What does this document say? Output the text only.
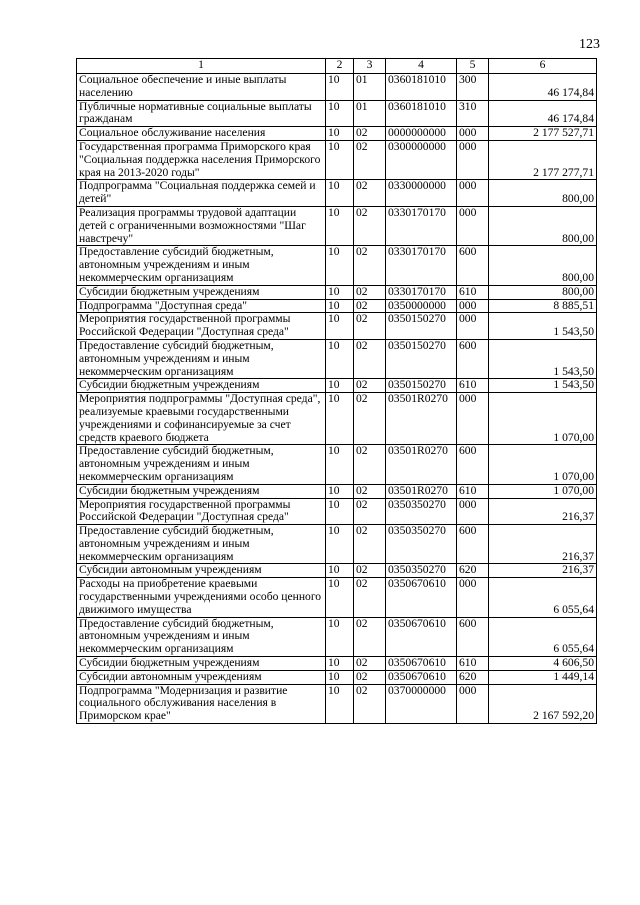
123
1	2	3	4	5	6
Социальное обеспечение и иные выплаты населению	10	01	0360181010	300	46 174,84
Публичные нормативные социальные выплаты гражданам	10	01	0360181010	310	46 174,84
Социальное обслуживание населения	10	02	0000000000	000	2 177 527,71
Государственная программа Приморского края "Социальная поддержка населения Приморского края на 2013-2020 годы"	10	02	0300000000	000	2 177 277,71
Подпрограмма "Социальная поддержка семей и детей"	10	02	0330000000	000	800,00
Реализация программы трудовой адаптации детей с ограниченными возможностями "Шаг навстречу"	10	02	0330170170	000	800,00
Предоставление субсидий бюджетным, автономным учреждениям и иным некоммерческим организациям	10	02	0330170170	600	800,00
Субсидии бюджетным учреждениям	10	02	0330170170	610	800,00
Подпрограмма "Доступная среда"	10	02	0350000000	000	8 885,51
Мероприятия государственной программы Российской Федерации "Доступная среда"	10	02	0350150270	000	1 543,50
Предоставление субсидий бюджетным, автономным учреждениям и иным некоммерческим организациям	10	02	0350150270	600	1 543,50
Субсидии бюджетным учреждениям	10	02	0350150270	610	1 543,50
Мероприятия подпрограммы "Доступная среда", реализуемые краевыми государственными учреждениями и софинансируемые за счет средств краевого бюджета	10	02	03501R0270	000	1 070,00
Предоставление субсидий бюджетным, автономным учреждениям и иным некоммерческим организациям	10	02	03501R0270	600	1 070,00
Субсидии бюджетным учреждениям	10	02	03501R0270	610	1 070,00
Мероприятия государственной программы Российской Федерации "Доступная среда"	10	02	0350350270	000	216,37
Предоставление субсидий бюджетным, автономным учреждениям и иным некоммерческим организациям	10	02	0350350270	600	216,37
Субсидии автономным учреждениям	10	02	0350350270	620	216,37
Расходы на приобретение краевыми государственными учреждениями особо ценного движимого имущества	10	02	0350670610	000	6 055,64
Предоставление субсидий бюджетным, автономным учреждениям и иным некоммерческим организациям	10	02	0350670610	600	6 055,64
Субсидии бюджетным учреждениям	10	02	0350670610	610	4 606,50
Субсидии автономным учреждениям	10	02	0350670610	620	1 449,14
Подпрограмма "Модернизация и развитие социального обслуживания населения в Приморском крае"	10	02	0370000000	000	2 167 592,20
